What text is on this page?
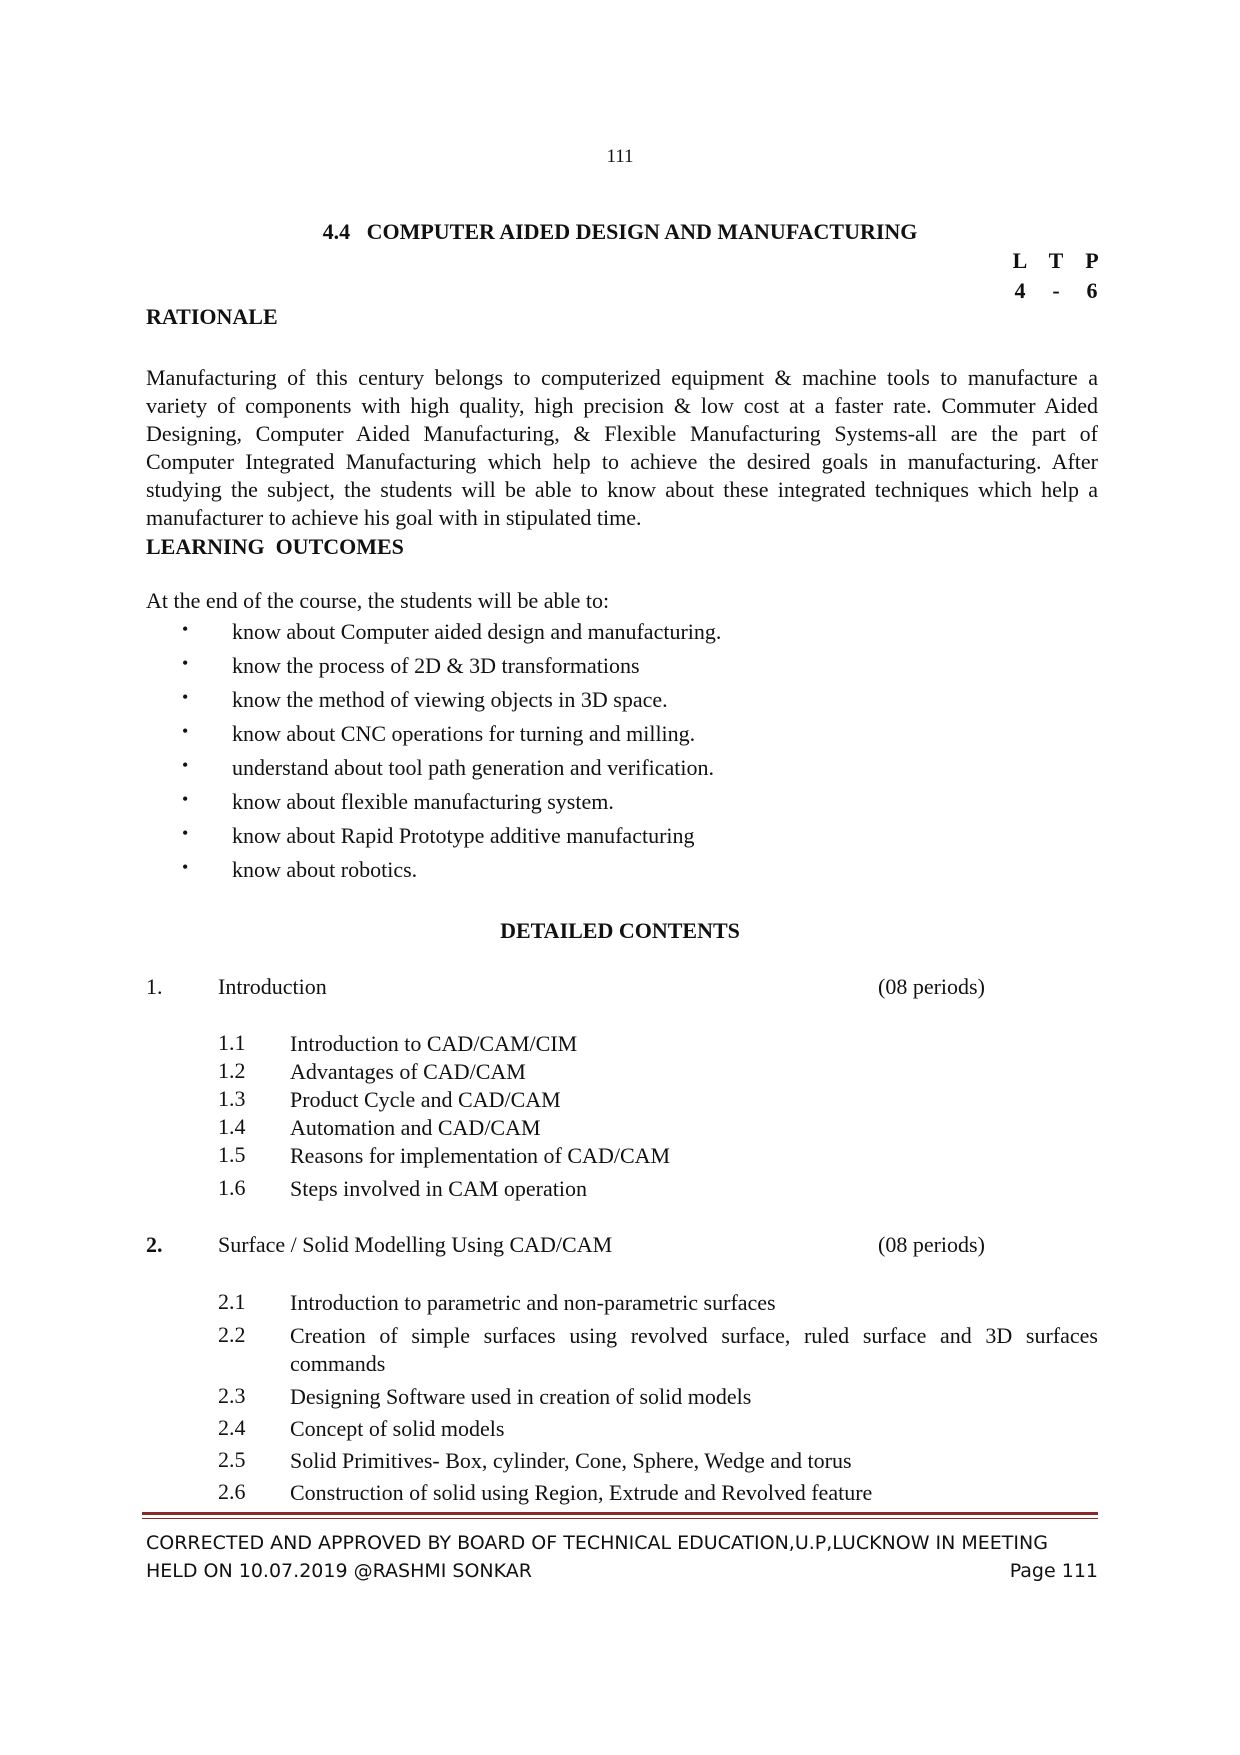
111
4.4   COMPUTER AIDED DESIGN AND MANUFACTURING
L T P
4 - 6
RATIONALE

Manufacturing of this century belongs to computerized equipment & machine tools to manufacture a variety of components with high quality, high precision & low cost at a faster rate. Commuter Aided Designing, Computer Aided Manufacturing, & Flexible Manufacturing Systems-all are the part of Computer Integrated Manufacturing which help to achieve the desired goals in manufacturing. After studying the subject, the students will be able to know about these integrated techniques which help a manufacturer to achieve his goal with in stipulated time.

LEARNING  OUTCOMES
At the end of the course, the students will be able to:
• know about Computer aided design and manufacturing.
• know the process of 2D & 3D transformations
• know the method of viewing objects in 3D space.
• know about CNC operations for turning and milling.
• understand about tool path generation and verification.
• know about flexible manufacturing system.
• know about Rapid Prototype additive manufacturing
• know about robotics.
DETAILED CONTENTS
1.	Introduction	(08 periods)
1.1 Introduction to CAD/CAM/CIM
1.2 Advantages of CAD/CAM
1.3 Product Cycle and CAD/CAM
1.4 Automation and CAD/CAM
1.5 Reasons for implementation of CAD/CAM
1.6 Steps involved in CAM operation
2.	Surface / Solid Modelling Using CAD/CAM	(08 periods)
2.1 Introduction to parametric and non-parametric surfaces
2.2 Creation of simple surfaces using revolved surface, ruled surface and 3D surfaces commands
2.3 Designing Software used in creation of solid models
2.4 Concept of solid models
2.5 Solid Primitives- Box, cylinder, Cone, Sphere, Wedge and torus
2.6 Construction of solid using Region, Extrude and Revolved feature
CORRECTED AND APPROVED BY BOARD OF TECHNICAL EDUCATION,U.P,LUCKNOW IN MEETING
HELD ON 10.07.2019 @RASHMI SONKAR	Page 111
